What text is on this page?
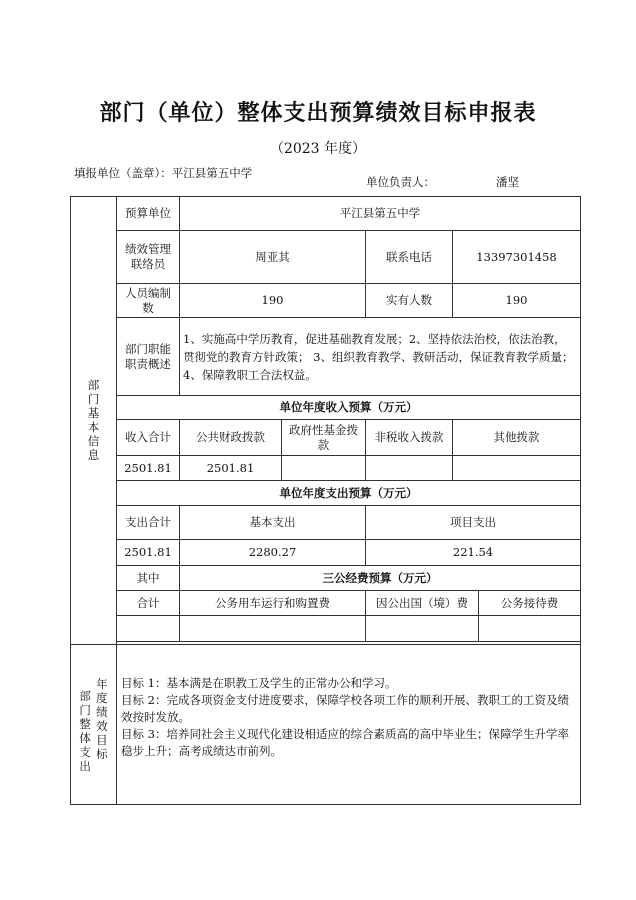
部门（单位）整体支出预算绩效目标申报表
（2023 年度）
填报单位（盖章）：平江县第五中学
单位负责人：	潘坚
部门基本信息	预算单位	平江县第五中学				
	绩效管理联络员	周亚其		联系电话	13397301458	
	人员编制数	190		实有人数	190	
	部门职能职责概述	1、实施高中学历教育，促进基础教育发展；2、坚持依法治校，依法治教，贯彻党的教育方针政策； 3、组织教育教学、教研活动，保证教育教学质量；4、保障教职工合法权益。				
	单位年度收入预算（万元）					
	收入合计	公共财政拨款	政府性基金拨款	非税收入拨款	其他拨款	
	2501.81	2501.81				
	单位年度支出预算（万元）					
	支出合计	基本支出		项目支出		
	2501.81	2280.27		221.54		
	其中	三公经费预算（万元）				
	合计	公务用车运行和购置费		因公出国（境）费		公务接待费

部门整体支出 年度绩效目标	目标 1：基本满是在职教工及学生的正常办公和学习。

目标 2：完成各项资金支付进度要求，保障学校各项工作的顺利开展、教职工的工资及绩效按时发放。

目标 3：培养同社会主义现代化建设相适应的综合素质高的高中毕业生；保障学生升学率稳步上升；高考成绩达市前列。					
